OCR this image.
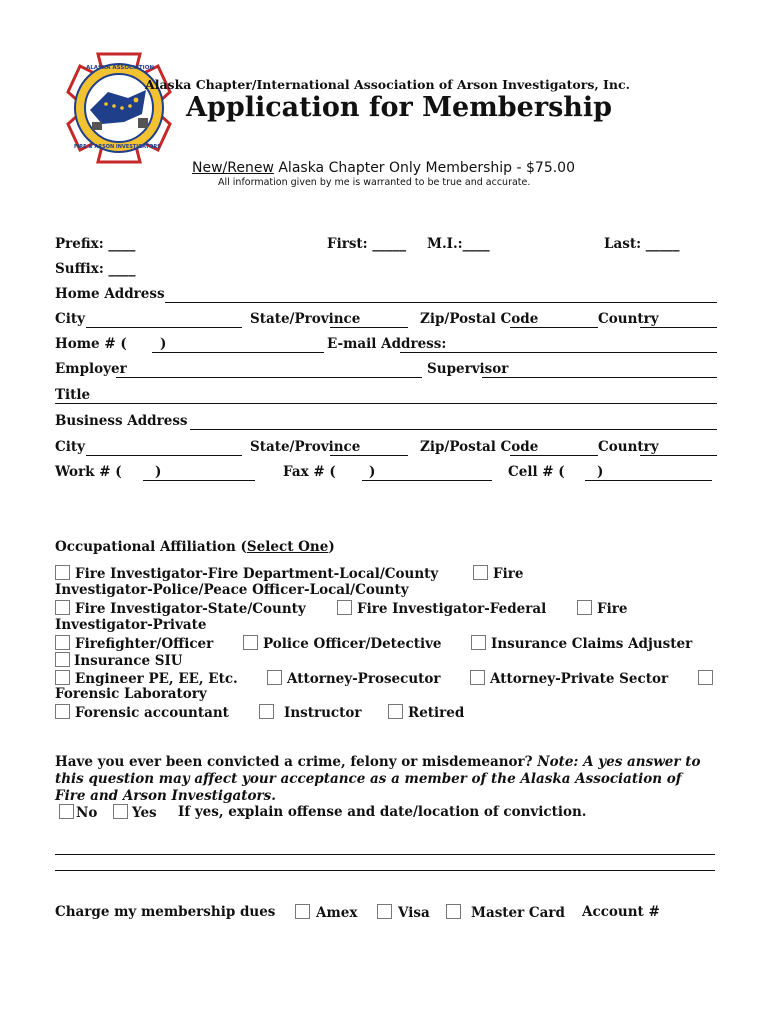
ALASKA ASSOCIATION
FIRE & ARSON INVESTIGATORS
Alaska Chapter/International Association of Arson Investigators, Inc.
Application for Membership
New/Renew Alaska Chapter Only Membership - $75.00
All information given by me is warranted to be true and accurate.
Prefix: ____	First: _____ M.I.:____	Last: _____
Suffix: ____
Home Address
City	State/Province	Zip/Postal Code	Country
Home # ( )	E-mail Address:
Employer	Supervisor
Title
Business Address
City	State/Province	Zip/Postal Code	Country
Work # ( )	Fax # ( )	Cell # ( )
Occupational Affiliation (Select One)
Fire Investigator-Fire Department-Local/County	Fire
Investigator-Police/Peace Officer-Local/County
Fire Investigator-State/County	Fire Investigator-Federal	Fire
Investigator-Private
Firefighter/Officer	Police Officer/Detective	Insurance Claims Adjuster
Insurance SIU
Engineer PE, EE, Etc.	Attorney-Prosecutor	Attorney-Private Sector
Forensic Laboratory
Forensic accountant	Instructor	Retired
Have you ever been convicted a crime, felony or misdemeanor? Note: A yes answer to this question may affect your acceptance as a member of the Alaska Association of Fire and Arson Investigators.
No	Yes If yes, explain offense and date/location of conviction.
Charge my membership dues	Amex	Visa	Master Card Account #
